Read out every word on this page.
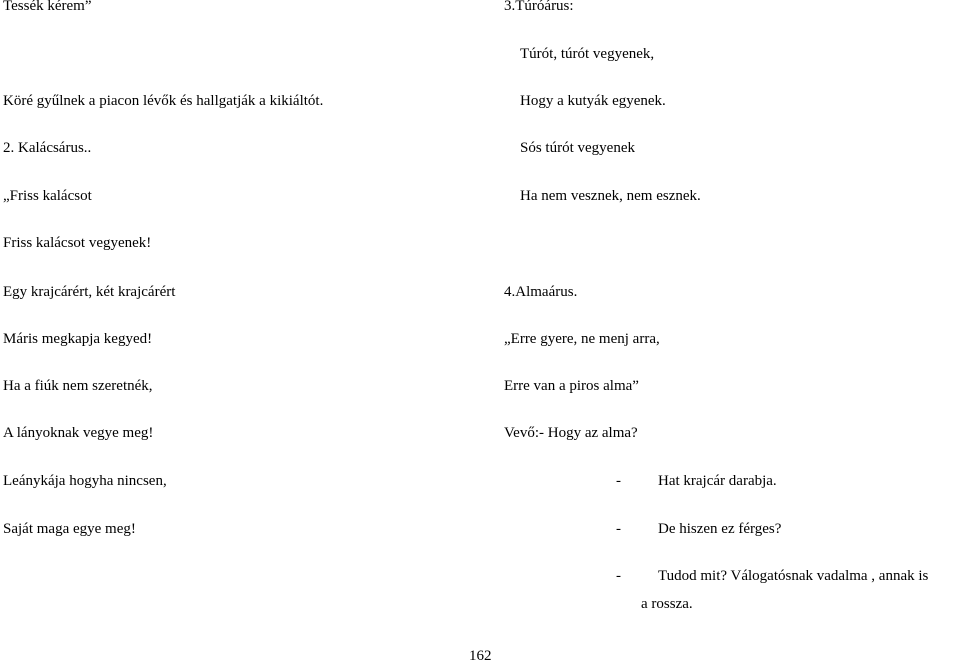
Tessék kérem”
Köré gyűlnek a piacon lévők és hallgatják a kikiáltót.
2. Kalácsárus..
„Friss kalácsot
Friss kalácsot vegyenek!
Egy krajcárért, két krajcárért
Máris megkapja kegyed!
Ha a fiúk nem szeretnék,
A lányoknak vegye meg!
Leánykája hogyha nincsen,
Saját maga egye meg!
3.Túróárus:
Túrót, túrót vegyenek,
Hogy a kutyák egyenek.
Sós túrót vegyenek
Ha nem vesznek, nem esznek.
4.Almaárus.
„Erre gyere, ne menj arra,
Erre van a piros alma”
Vevő:- Hogy az alma?
- Hat krajcár darabja.
- De hiszen ez férges?
- Tudod mit? Válogatósnak vadalma , annak is
a rossza.
162
